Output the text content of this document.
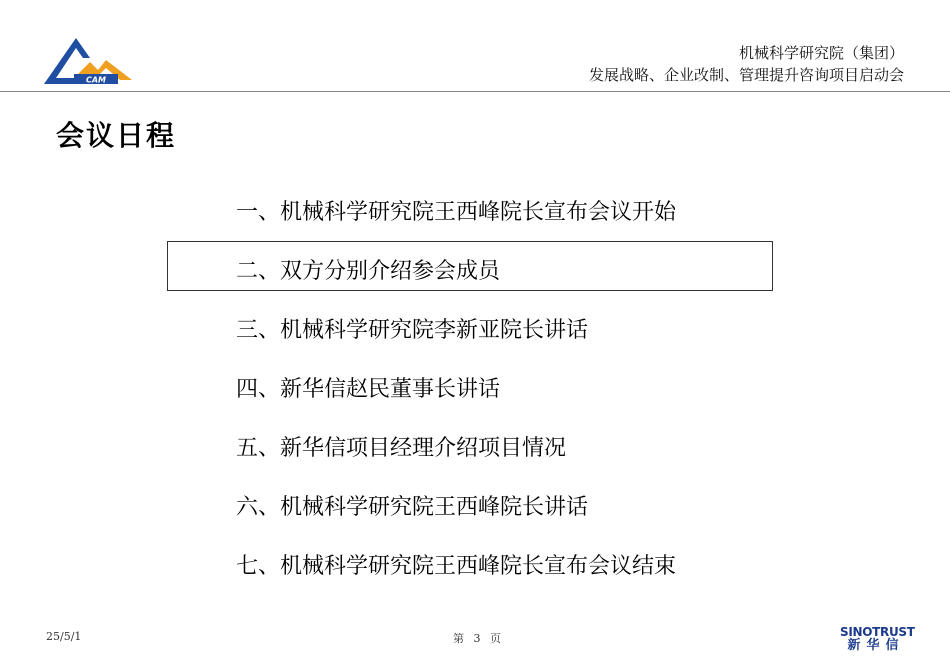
CAM
机械科学研究院（集团）
发展战略、企业改制、管理提升咨询项目启动会
会议日程
一、机械科学研究院王西峰院长宣布会议开始
二、双方分别介绍参会成员
三、机械科学研究院李新亚院长讲话
四、新华信赵民董事长讲话
五、新华信项目经理介绍项目情况
六、机械科学研究院王西峰院长讲话
七、机械科学研究院王西峰院长宣布会议结束
25/5/1	第 3 页	SINOTRUST
新华信
